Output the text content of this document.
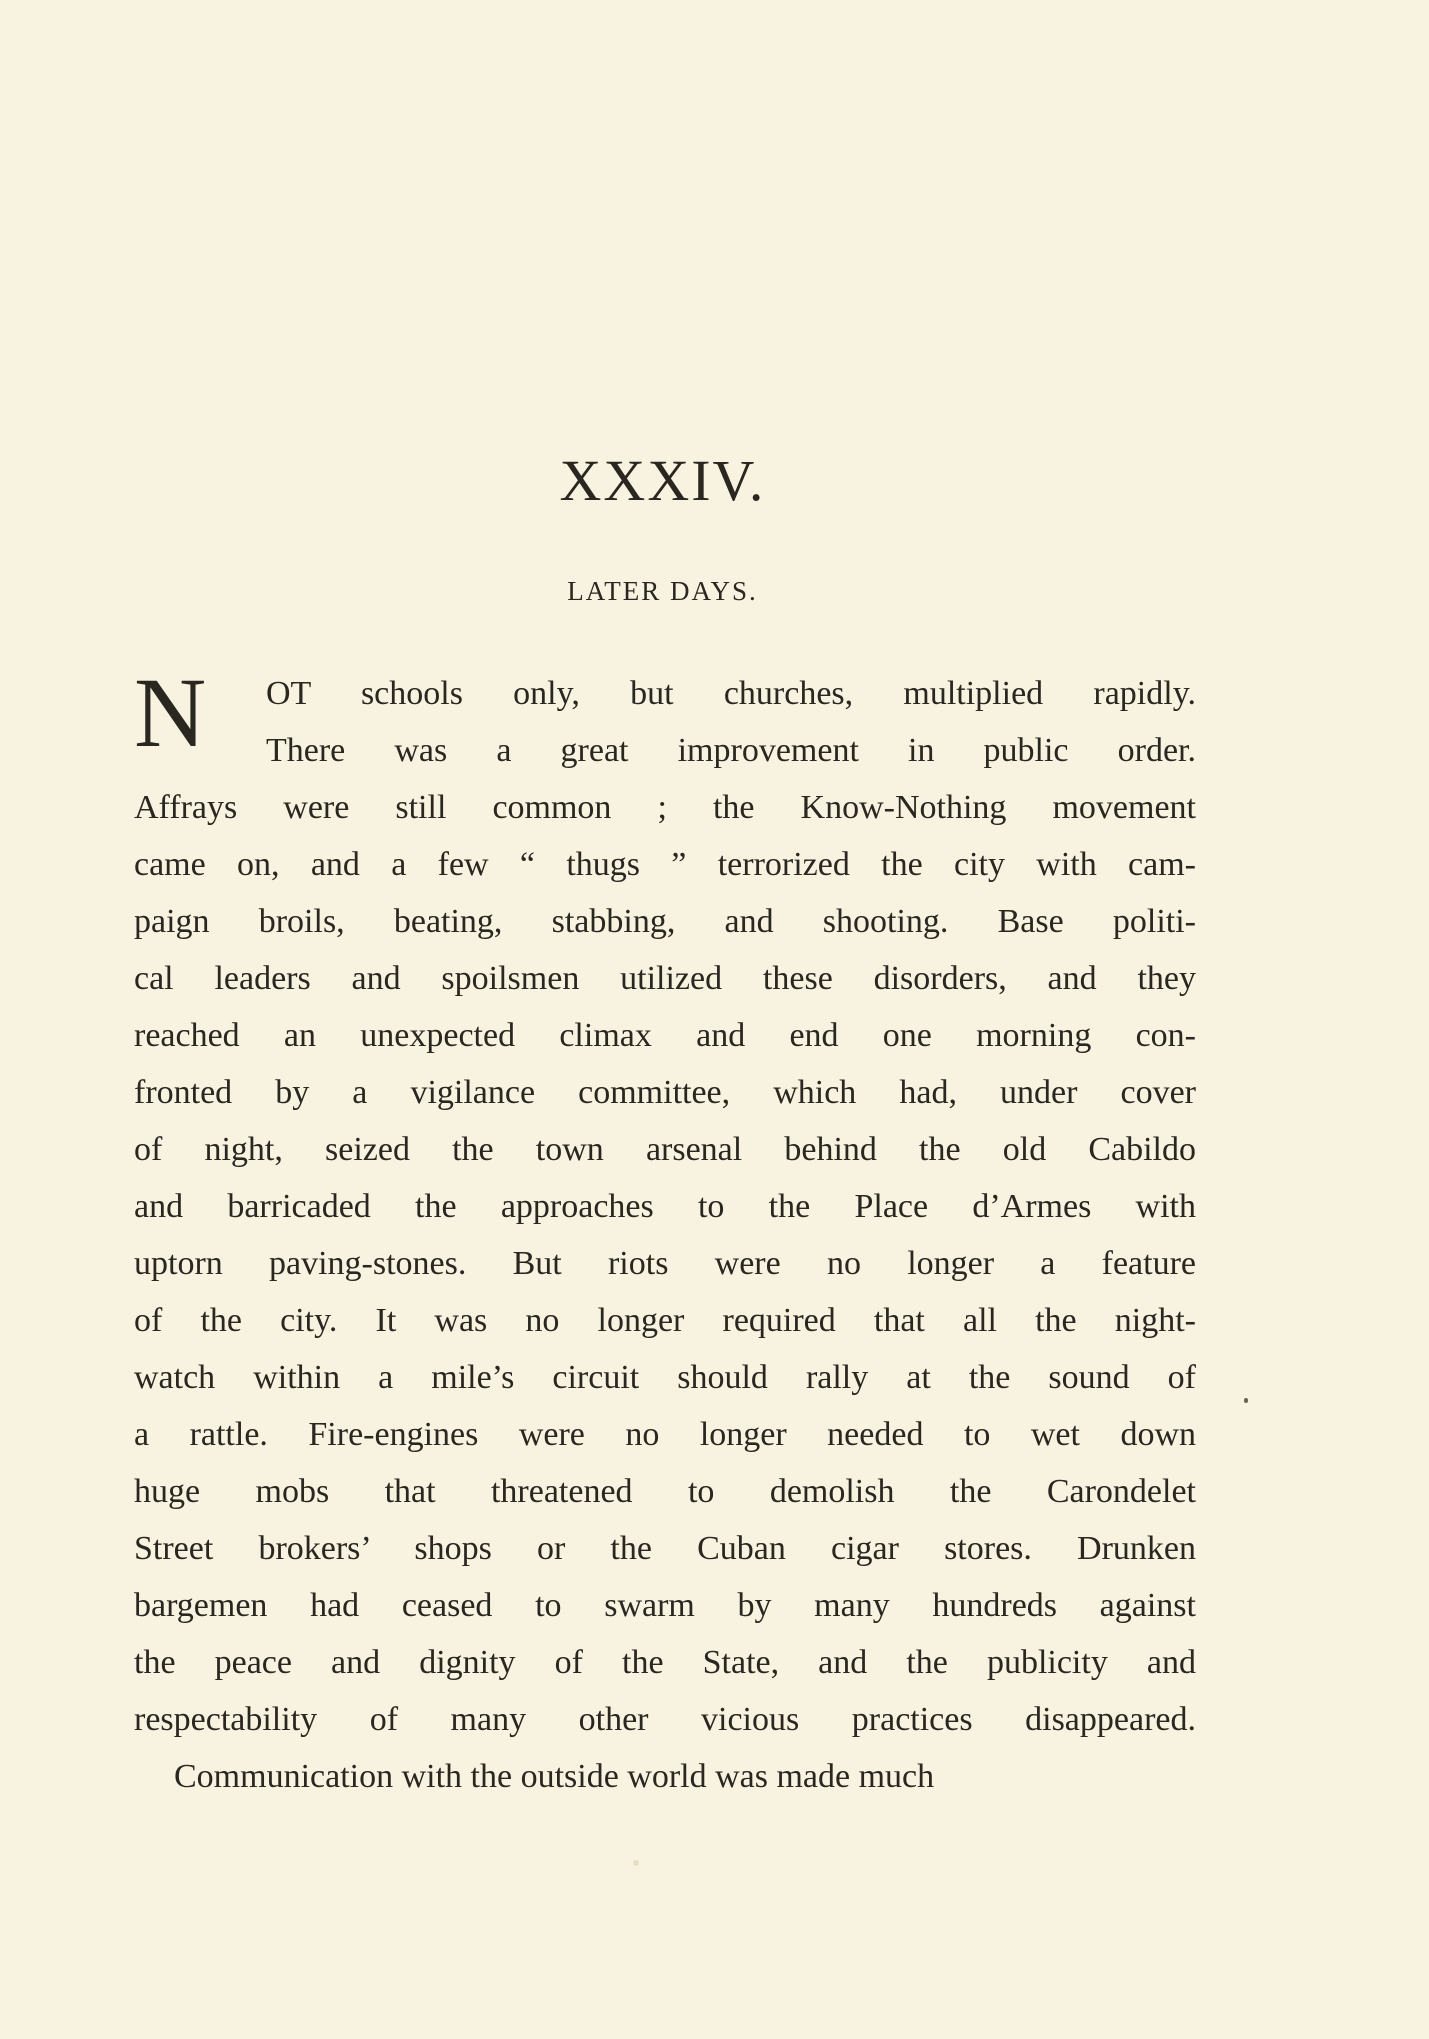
XXXIV.
LATER DAYS.
N	OT schools only, but churches, multiplied rapidly.
There was a great improvement in public order.
Affrays were still common ; the Know-Nothing movement
came on, and a few “ thugs ” terrorized the city with cam-
paign broils, beating, stabbing, and shooting. Base politi-
cal leaders and spoilsmen utilized these disorders, and they
reached an unexpected climax and end one morning con-
fronted by a vigilance committee, which had, under cover
of night, seized the town arsenal behind the old Cabildo
and barricaded the approaches to the Place d’Armes with
uptorn paving-stones. But riots were no longer a feature
of the city. It was no longer required that all the night-
watch within a mile’s circuit should rally at the sound of
a rattle. Fire-engines were no longer needed to wet down
huge mobs that threatened to demolish the Carondelet
Street brokers’ shops or the Cuban cigar stores. Drunken
bargemen had ceased to swarm by many hundreds against
the peace and dignity of the State, and the publicity and
respectability of many other vicious practices disappeared.
Communication with the outside world was made much
